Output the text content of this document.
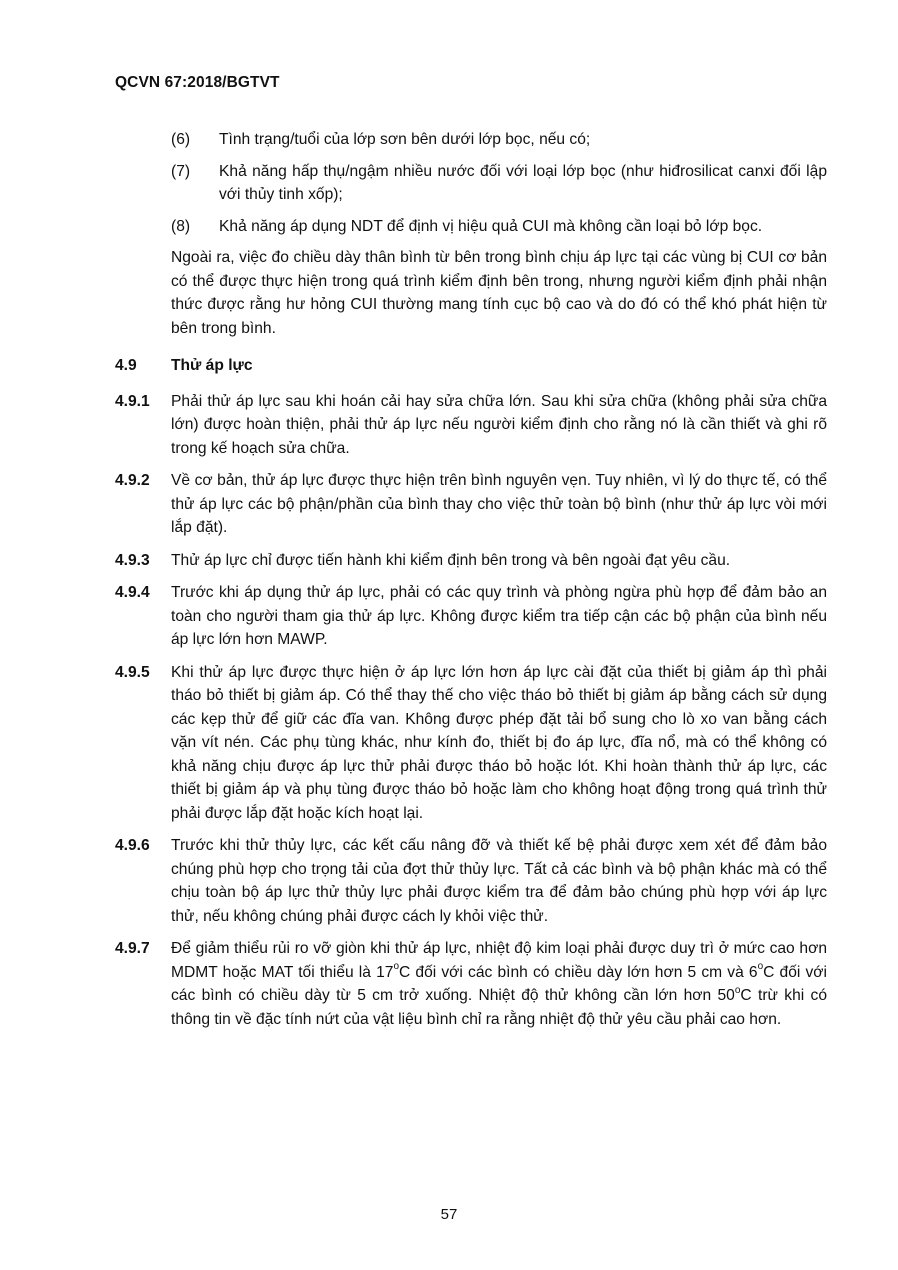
QCVN 67:2018/BGTVT
(6)	Tình trạng/tuổi của lớp sơn bên dưới lớp bọc, nếu có;
(7)	Khả năng hấp thụ/ngậm nhiều nước đối với loại lớp bọc (như hiđrosilicat canxi đối lập với thủy tinh xốp);
(8)	Khả năng áp dụng NDT để định vị hiệu quả CUI mà không cần loại bỏ lớp bọc.
Ngoài ra, việc đo chiều dày thân bình từ bên trong bình chịu áp lực tại các vùng bị CUI cơ bản có thể được thực hiện trong quá trình kiểm định bên trong, nhưng người kiểm định phải nhận thức được rằng hư hỏng CUI thường mang tính cục bộ cao và do đó có thể khó phát hiện từ bên trong bình.
4.9	Thử áp lực
4.9.1	Phải thử áp lực sau khi hoán cải hay sửa chữa lớn. Sau khi sửa chữa (không phải sửa chữa lớn) được hoàn thiện, phải thử áp lực nếu người kiểm định cho rằng nó là cần thiết và ghi rõ trong kế hoạch sửa chữa.
4.9.2	Về cơ bản, thử áp lực được thực hiện trên bình nguyên vẹn. Tuy nhiên, vì lý do thực tế, có thể thử áp lực các bộ phận/phần của bình thay cho việc thử toàn bộ bình (như thử áp lực vòi mới lắp đặt).
4.9.3	Thử áp lực chỉ được tiến hành khi kiểm định bên trong và bên ngoài đạt yêu cầu.
4.9.4	Trước khi áp dụng thử áp lực, phải có các quy trình và phòng ngừa phù hợp để đảm bảo an toàn cho người tham gia thử áp lực. Không được kiểm tra tiếp cận các bộ phận của bình nếu áp lực lớn hơn MAWP.
4.9.5	Khi thử áp lực được thực hiện ở áp lực lớn hơn áp lực cài đặt của thiết bị giảm áp thì phải tháo bỏ thiết bị giảm áp. Có thể thay thế cho việc tháo bỏ thiết bị giảm áp bằng cách sử dụng các kẹp thử để giữ các đĩa van. Không được phép đặt tải bổ sung cho lò xo van bằng cách vặn vít nén. Các phụ tùng khác, như kính đo, thiết bị đo áp lực, đĩa nổ, mà có thể không có khả năng chịu được áp lực thử phải được tháo bỏ hoặc lót. Khi hoàn thành thử áp lực, các thiết bị giảm áp và phụ tùng được tháo bỏ hoặc làm cho không hoạt động trong quá trình thử phải được lắp đặt hoặc kích hoạt lại.
4.9.6	Trước khi thử thủy lực, các kết cấu nâng đỡ và thiết kế bệ phải được xem xét để đảm bảo chúng phù hợp cho trọng tải của đợt thử thủy lực. Tất cả các bình và bộ phận khác mà có thể chịu toàn bộ áp lực thử thủy lực phải được kiểm tra để đảm bảo chúng phù hợp với áp lực thử, nếu không chúng phải được cách ly khỏi việc thử.
4.9.7	Để giảm thiểu rủi ro vỡ giòn khi thử áp lực, nhiệt độ kim loại phải được duy trì ở mức cao hơn MDMT hoặc MAT tối thiểu là 17$^o$C đối với các bình có chiều dày lớn hơn 5 cm và 6$^o$C đối với các bình có chiều dày từ 5 cm trở xuống. Nhiệt độ thử không cần lớn hơn 50$^o$C trừ khi có thông tin về đặc tính nứt của vật liệu bình chỉ ra rằng nhiệt độ thử yêu cầu phải cao hơn.
57
